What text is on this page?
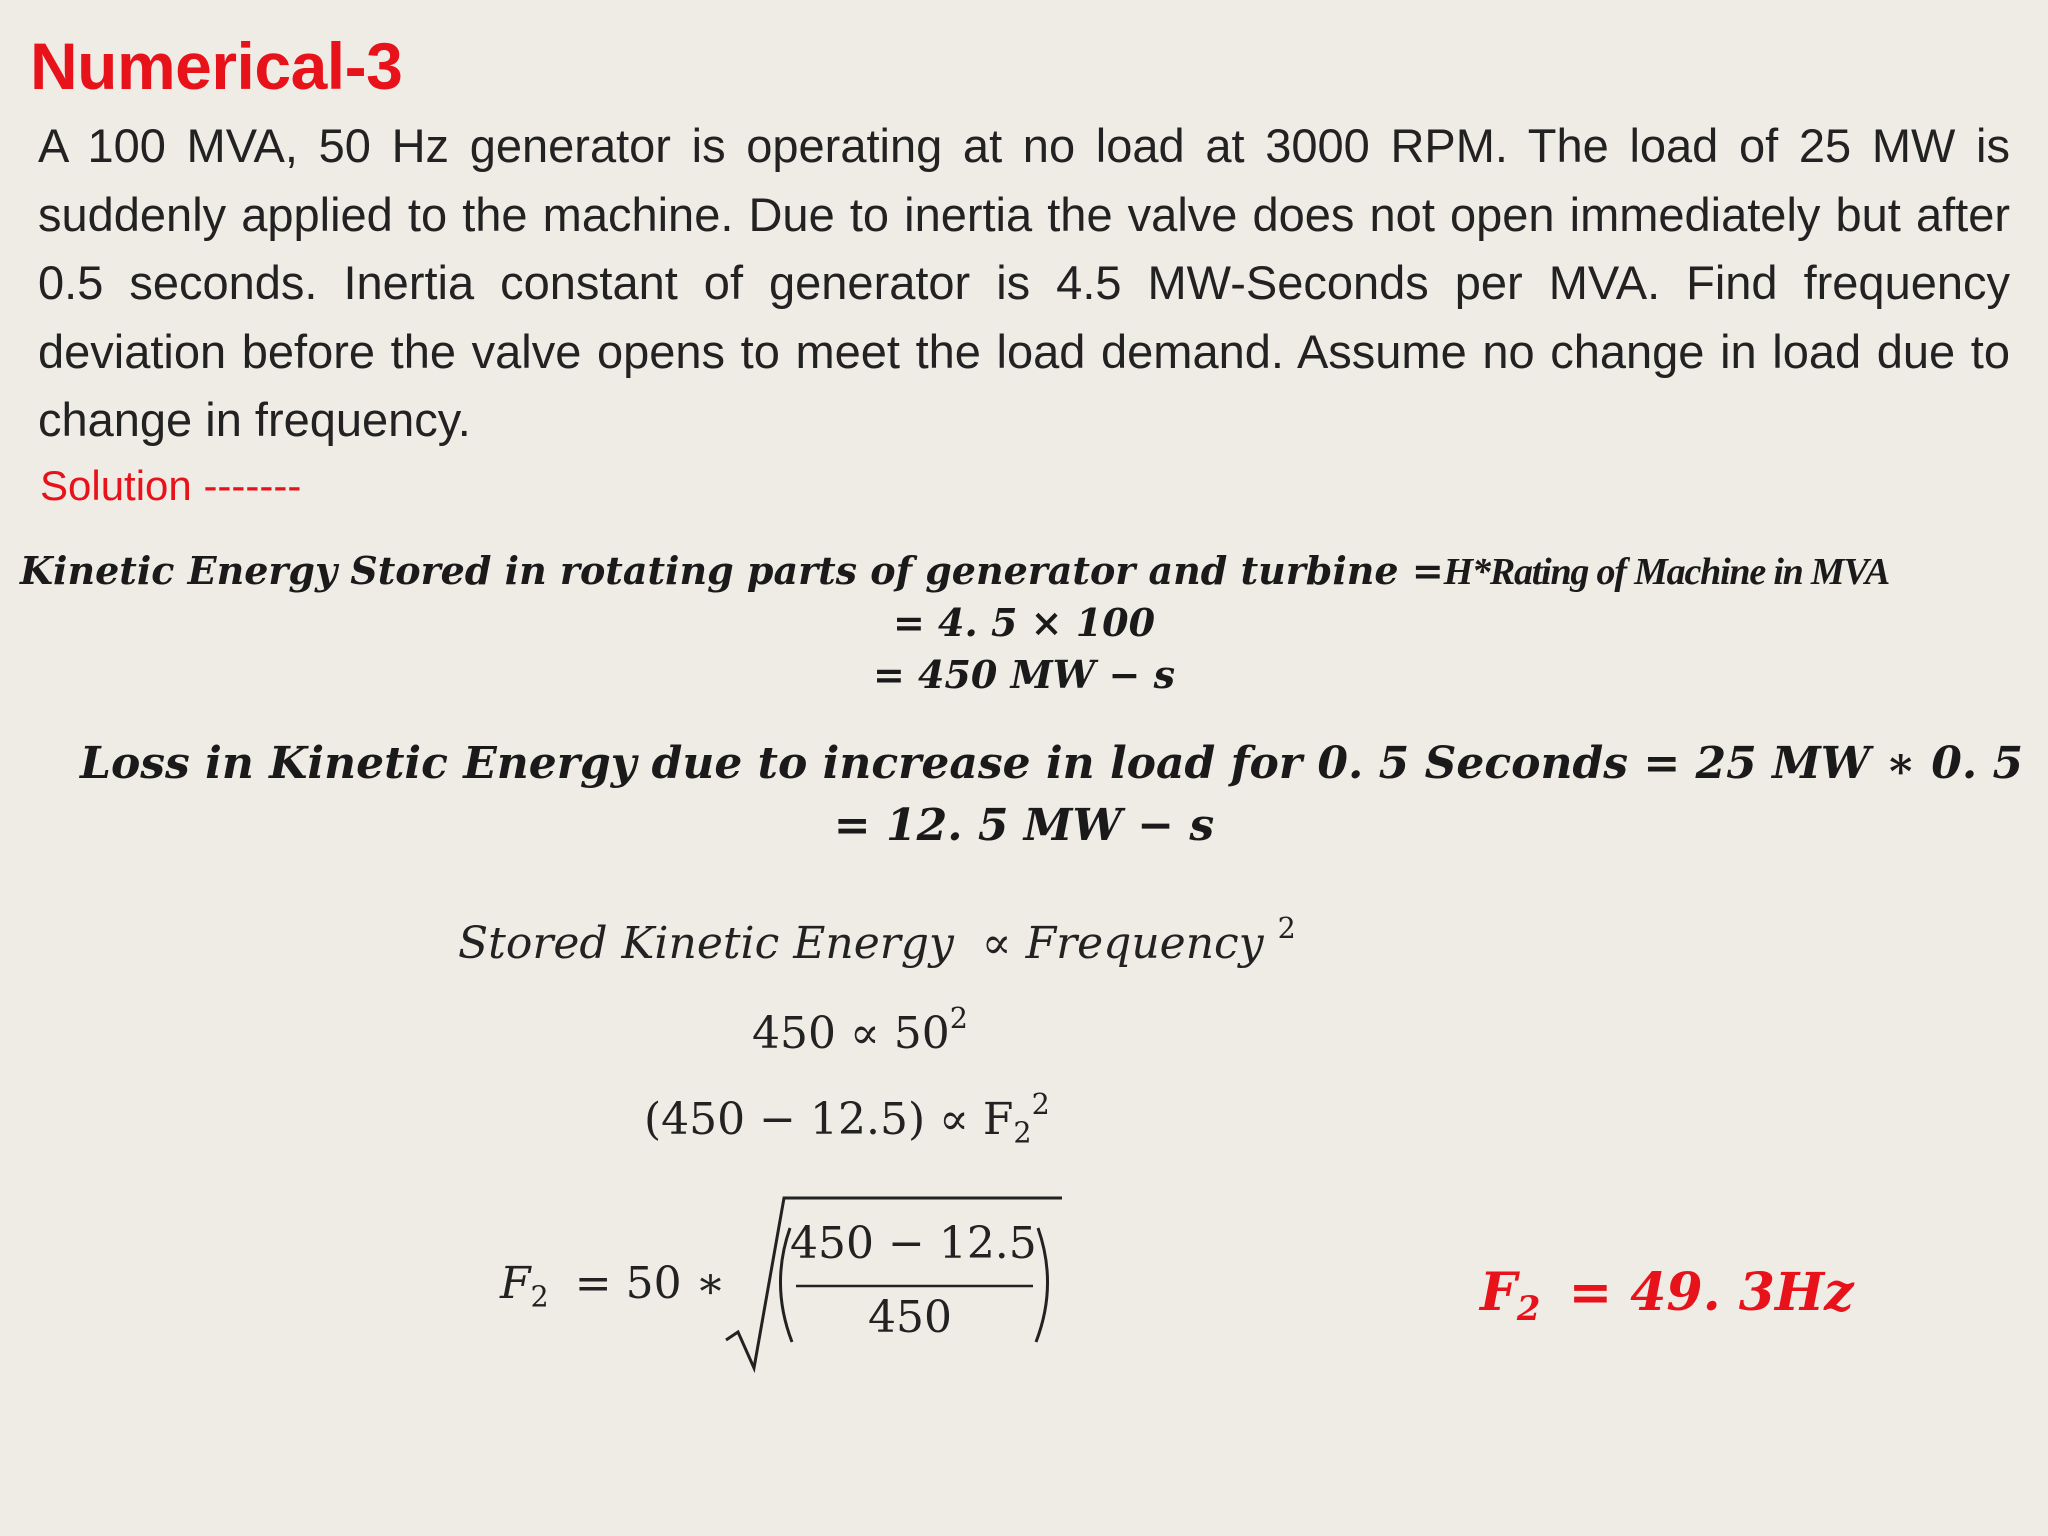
Numerical-3
A 100 MVA, 50 Hz generator is operating at no load at 3000 RPM. The load of 25 MW is suddenly applied to the machine. Due to inertia the valve does not open immediately but after 0.5 seconds. Inertia constant of generator is 4.5 MW-Seconds per MVA. Find frequency deviation before the valve opens to meet the load demand. Assume no change in load due to change in frequency.
Solution -------
Kinetic Energy Stored in rotating parts of generator and turbine =H*Rating of Machine in MVA
= 4. 5 × 100
= 450 MW − s
Loss in Kinetic Energy due to increase in load for 0. 5 Seconds = 25 MW ∗ 0. 5
= 12. 5 MW − s
Stored Kinetic Energy ∝ Frequency $^2$
$450 \propto 50^2$
$(450 - 12.5) \propto F_2^2$
$F_2 = 50$ ∗
450 − 12.5
450	$F_2 = 49$. 3Hz
